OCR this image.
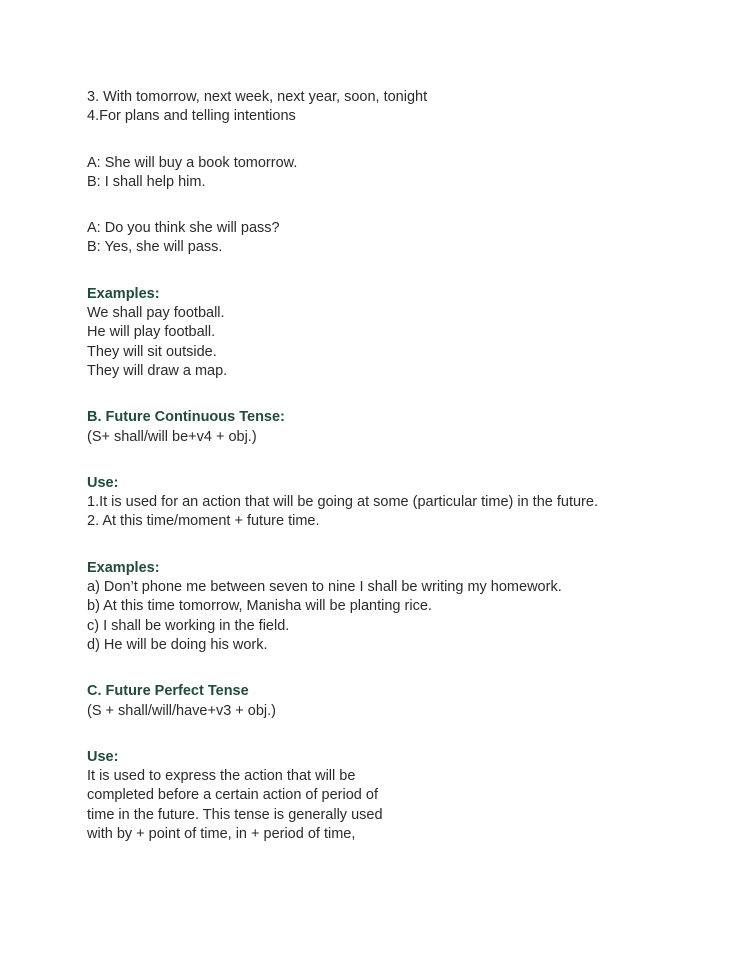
3. With tomorrow, next week, next year, soon, tonight
4.For plans and telling intentions
A: She will buy a book tomorrow.
B: I shall help him.
A: Do you think she will pass?
B: Yes, she will pass.
Examples:
We shall pay football.
He will play football.
They will sit outside.
They will draw a map.
B. Future Continuous Tense:
(S+ shall/will be+v4 + obj.)
Use:
1.It is used for an action that will be going at some (particular time) in the future.
2. At this time/moment + future time.
Examples:
a) Don’t phone me between seven to nine I shall be writing my homework.
b) At this time tomorrow, Manisha will be planting rice.
c) I shall be working in the field.
d) He will be doing his work.
C. Future Perfect Tense
(S + shall/will/have+v3 + obj.)
Use:
It is used to express the action that will be
completed before a certain action of period of
time in the future. This tense is generally used
with by + point of time, in + period of time,
